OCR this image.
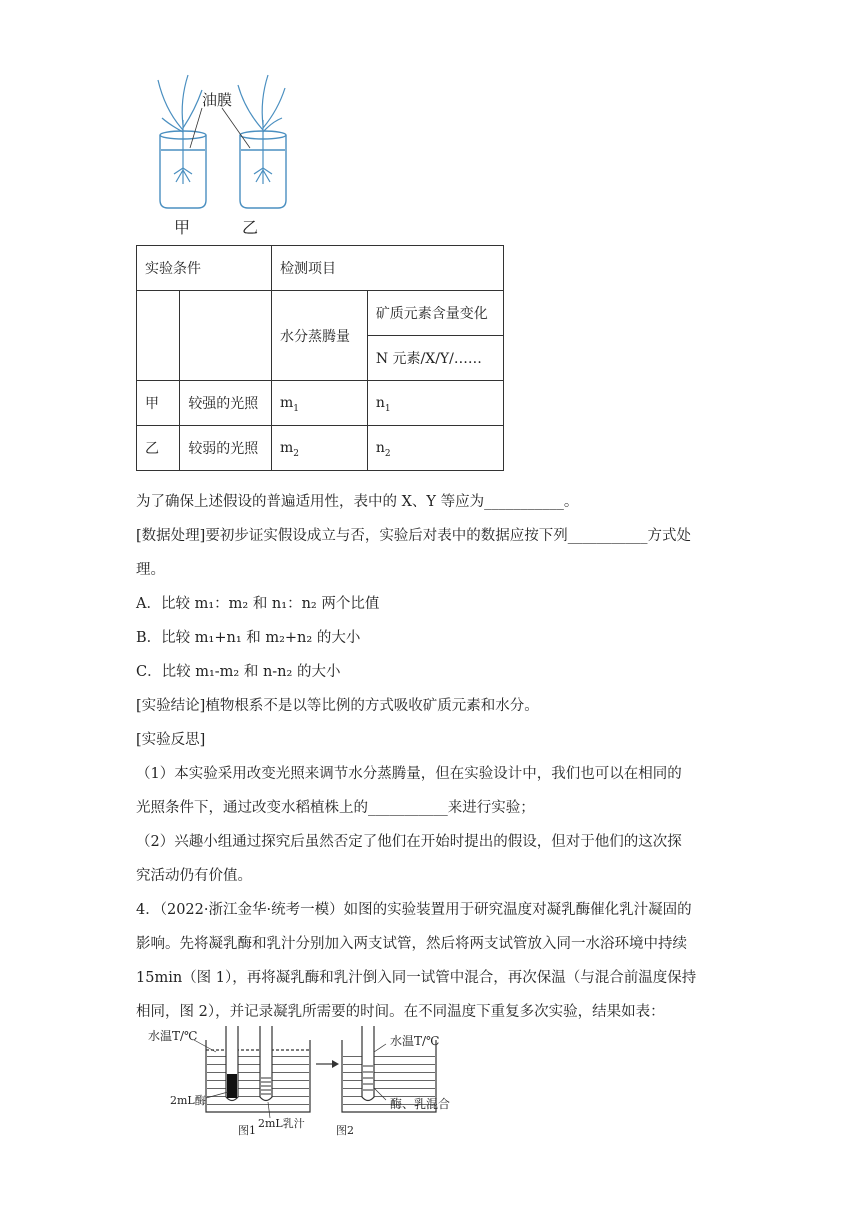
油膜
甲	乙
实验条件		检测项目	
		水分蒸腾量	矿质元素含量变化
			N 元素/X/Y/……
甲	较强的光照	$m_1$	$n_1$
乙	较弱的光照	$m_2$	$n_2$
为了确保上述假设的普遍适用性，表中的 X、Y 等应为___________。
[数据处理]要初步证实假设成立与否，实验后对表中的数据应按下列___________方式处
理。
A．比较 m₁：m₂ 和 n₁：n₂ 两个比值
B．比较 m₁+n₁ 和 m₂+n₂ 的大小
C．比较 m₁-m₂ 和 n-n₂ 的大小
[实验结论]植物根系不是以等比例的方式吸收矿质元素和水分。
[实验反思]
（1）本实验采用改变光照来调节水分蒸腾量，但在实验设计中，我们也可以在相同的
光照条件下，通过改变水稻植株上的___________来进行实验；
（2）兴趣小组通过探究后虽然否定了他们在开始时提出的假设，但对于他们的这次探
究活动仍有价值。
4．（2022·浙江金华·统考一模）如图的实验装置用于研究温度对凝乳酶催化乳汁凝固的
影响。先将凝乳酶和乳汁分别加入两支试管，然后将两支试管放入同一水浴环境中持续
15min（图 1），再将凝乳酶和乳汁倒入同一试管中混合，再次保温（与混合前温度保持
相同，图 2），并记录凝乳所需要的时间。在不同温度下重复多次实验，结果如表：
水温T/℃	水温T/℃
2mL酶
2mL乳汁
酶、乳混合
图1	图2
